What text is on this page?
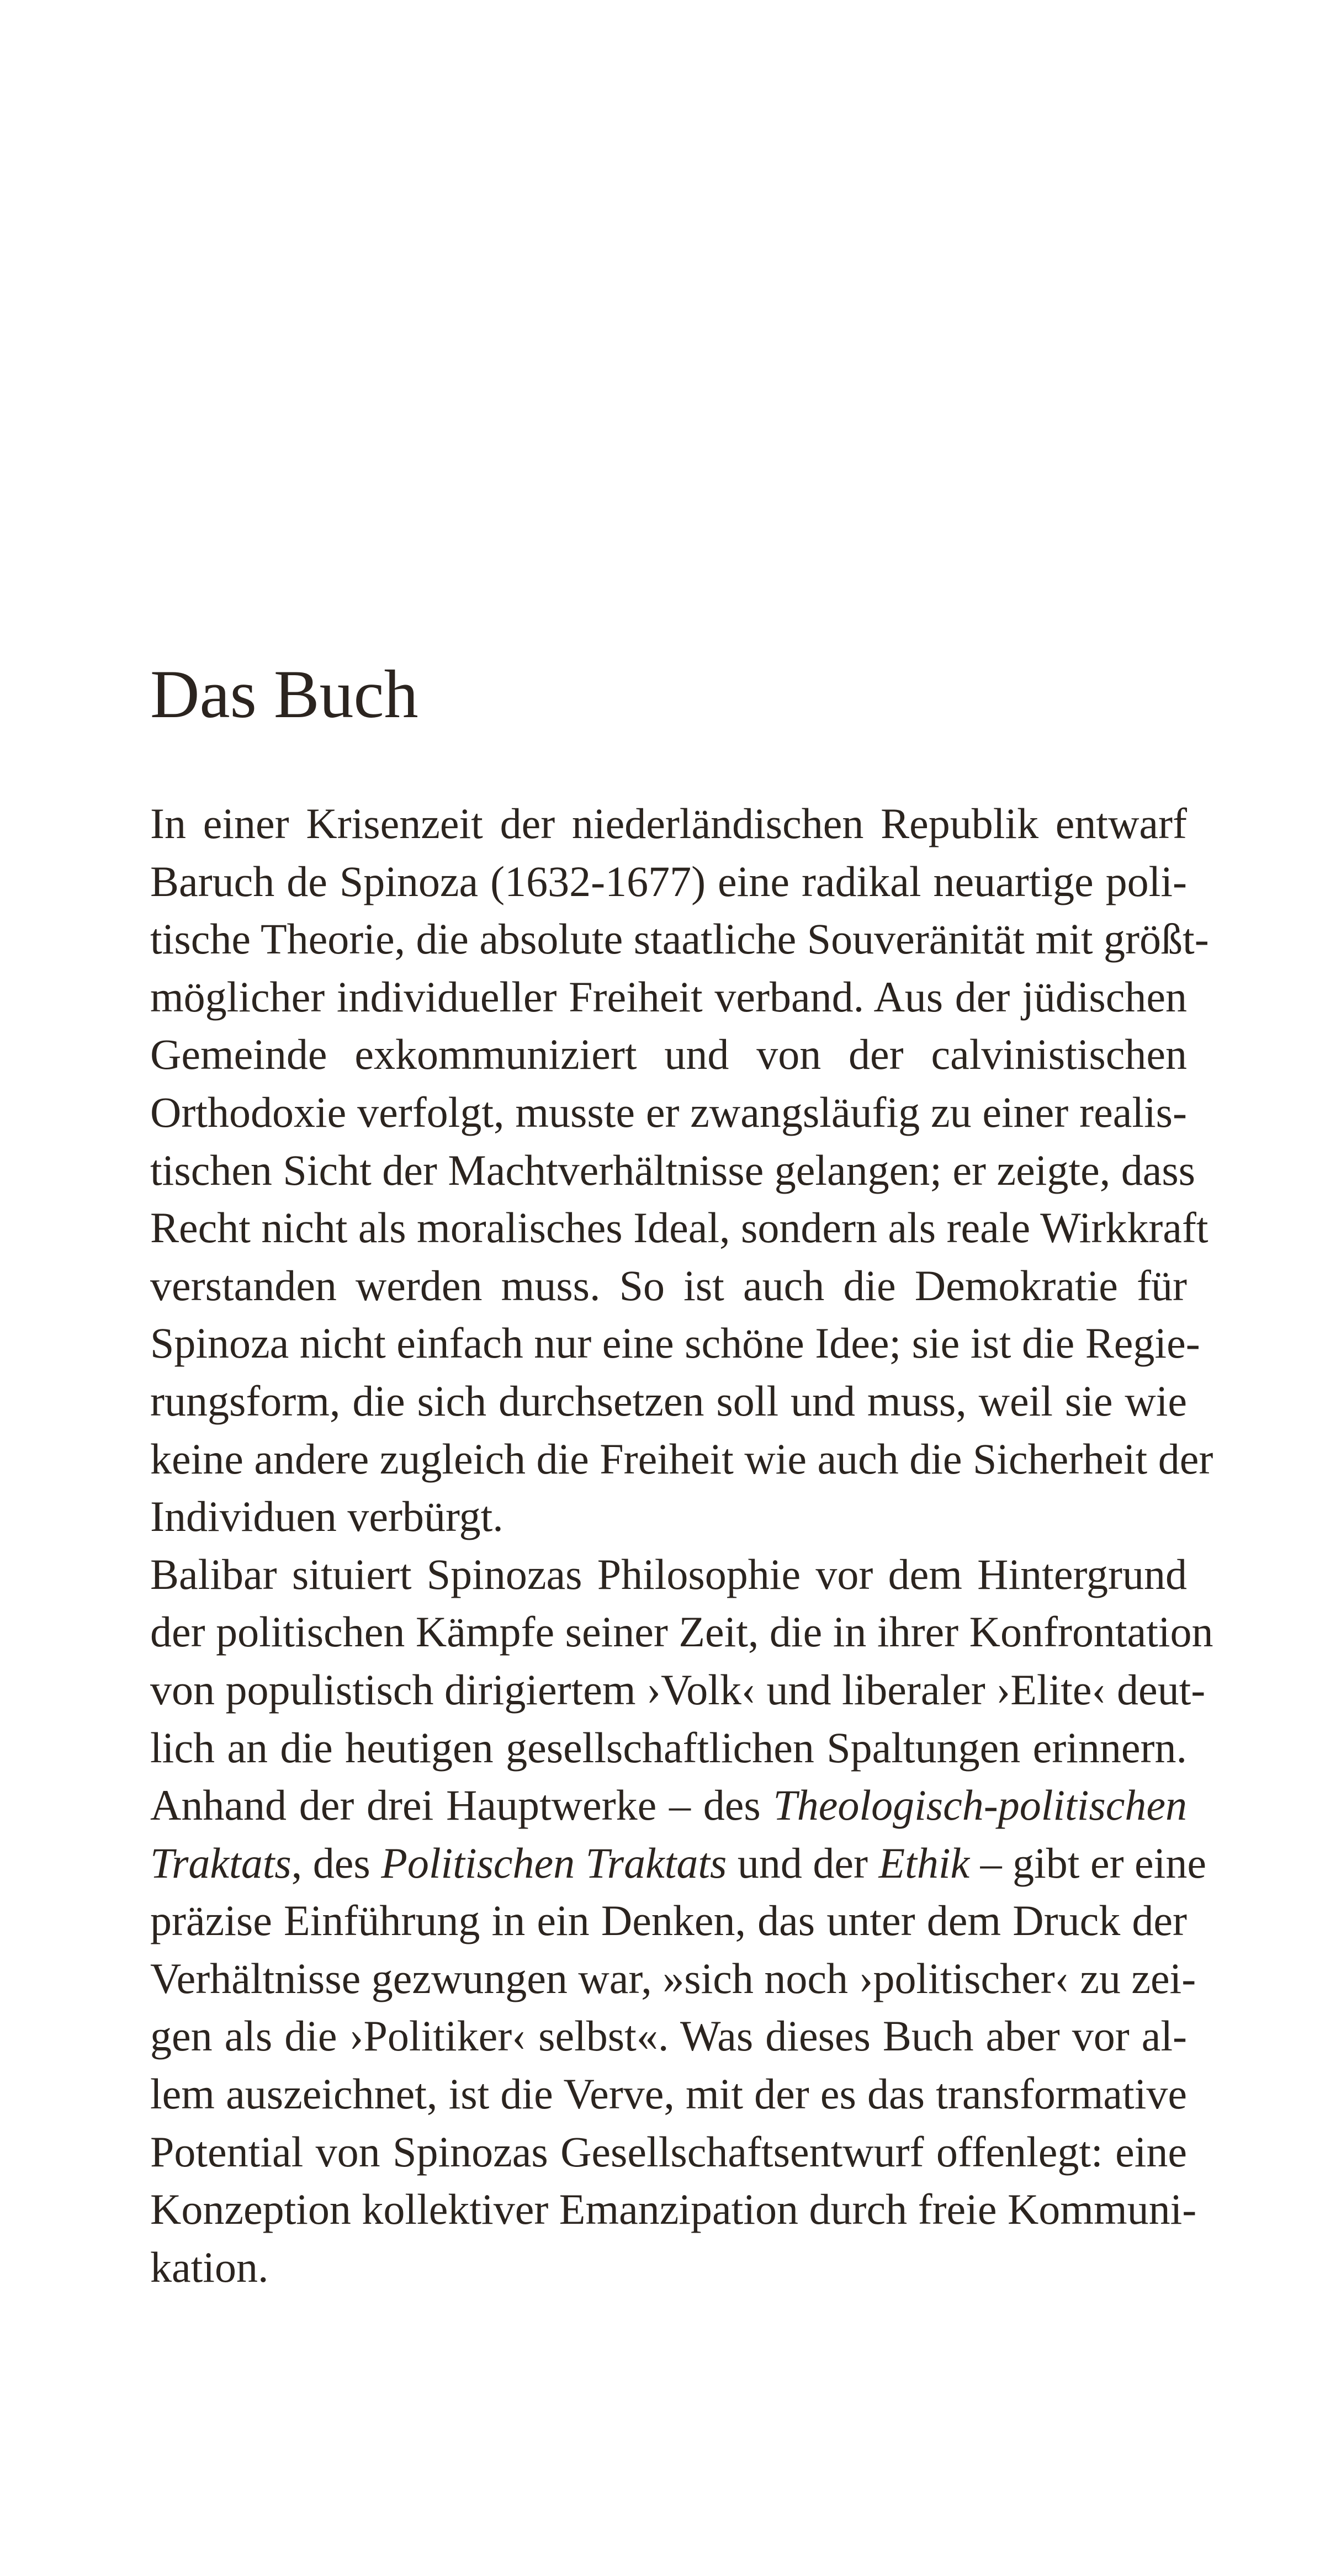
Das Buch
In einer Krisenzeit der niederländischen Republik entwarf
Baruch de Spinoza (1632-1677) eine radikal neuartige poli-
tische Theorie, die absolute staatliche Souveränität mit größt-
möglicher individueller Freiheit verband. Aus der jüdischen
Gemeinde exkommuniziert und von der calvinistischen
Orthodoxie verfolgt, musste er zwangsläufig zu einer realis-
tischen Sicht der Machtverhältnisse gelangen; er zeigte, dass
Recht nicht als moralisches Ideal, sondern als reale Wirkkraft
verstanden werden muss. So ist auch die Demokratie für
Spinoza nicht einfach nur eine schöne Idee; sie ist die Regie-
rungsform, die sich durchsetzen soll und muss, weil sie wie
keine andere zugleich die Freiheit wie auch die Sicherheit der
Individuen verbürgt.
Balibar situiert Spinozas Philosophie vor dem Hintergrund
der politischen Kämpfe seiner Zeit, die in ihrer Konfrontation
von populistisch dirigiertem ›Volk‹ und liberaler ›Elite‹ deut-
lich an die heutigen gesellschaftlichen Spaltungen erinnern.
Anhand der drei Hauptwerke – des Theologisch-politischen
Traktats, des Politischen Traktats und der Ethik – gibt er eine
präzise Einführung in ein Denken, das unter dem Druck der
Verhältnisse gezwungen war, »sich noch ›politischer‹ zu zei-
gen als die ›Politiker‹ selbst«. Was dieses Buch aber vor al-
lem auszeichnet, ist die Verve, mit der es das transformative
Potential von Spinozas Gesellschaftsentwurf offenlegt: eine
Konzeption kollektiver Emanzipation durch freie Kommuni-
kation.
